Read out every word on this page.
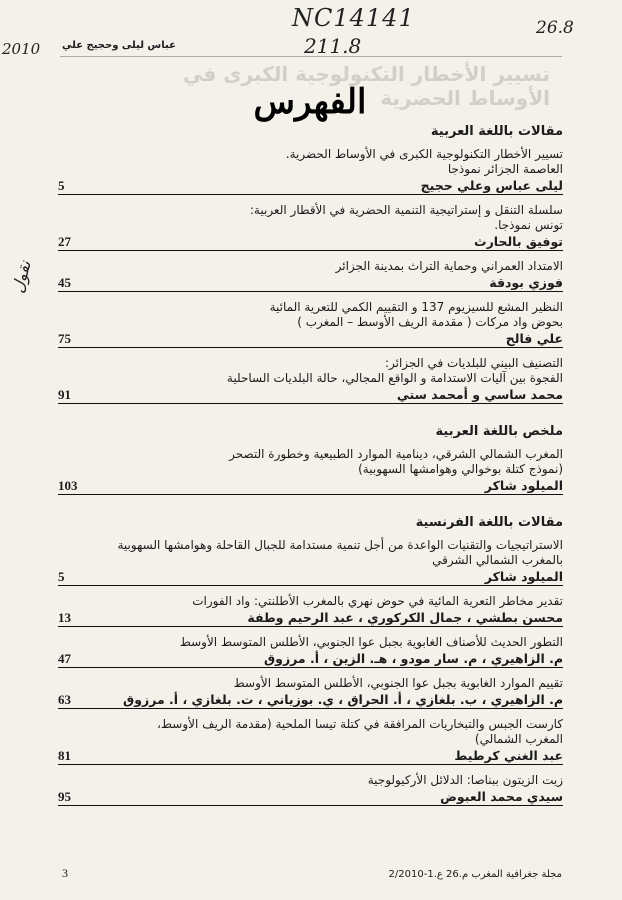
NC14141
211.8
26.8
2010
نقول
عباس ليلى وحجيج علي
تسيير الأخطار التكنولوجية الكبرى في الأوساط الحضرية
الفهرس
مقالات باللغة العربية
تسيير الأخطار التكنولوجية الكبرى في الأوساط الحضرية.
العاصمة الجزائر نموذجا
ليلى عباس وعلي حجيج
5
سلسلة التنقل و إستراتيجية التنمية الحضرية في الأقطار العربية:
تونس نموذجا.
توفيق بالحارث
27
الامتداد العمراني وحماية التراث بمدينة الجزائر
فوزي بودقة
45
النظير المشع للسيزيوم 137 و التقييم الكمي للتعرية المائية
بحوض واد مركات ( مقدمة الريف الأوسط – المغرب )
علي فالح
75
التصنيف البيني للبلديات في الجزائر:
الفجوة بين آليات الاستدامة و الواقع المجالي، حالة البلديات الساحلية
محمد ساسي و أمحمد ستي
91
ملخص باللغة العربية
المغرب الشمالي الشرقي، دينامية الموارد الطبيعية وخطورة التصحر
(نموذج كتلة بوخوالي وهوامشها السهوبية)
الميلود شاكر
103
مقالات باللغة الفرنسية
الاستراتيجيات والتقنيات الواعدة من أجل تنمية مستدامة للجبال القاحلة وهوامشها السهوبية
بالمغرب الشمالي الشرقي
الميلود شاكر
5
تقدير مخاطر التعرية المائية في حوض نهري بالمغرب الأطلنتي: واد الفورات
محسن بطشي ، جمال الكركوري ، عبد الرحيم وطفة
13
التطور الحديث للأصناف الغابوية بجبل عوا الجنوبي، الأطلس المتوسط الأوسط
م. الزاهيري ، م. سار مودو ، هـ. الزين ، أ. مرزوق
47
تقييم الموارد الغابوية بجبل عوا الجنوبي، الأطلس المتوسط الأوسط
م. الزاهيري ، ب. بلغازي ، أ. الحراق ، ي. بوزياني ، ت. بلغازي ، أ. مرزوق
63
كارست الجبس والتبخاريات المرافقة في كتلة تيسا الملحية (مقدمة الريف الأوسط،
المغرب الشمالي)
عبد الغني كرطيط
81
زيت الزيتون ببناصا: الدلائل الأركيولوجية
سيدي محمد العبوض
95
3	مجلة جغرافية المغرب م.26 ع.1-2/2010
